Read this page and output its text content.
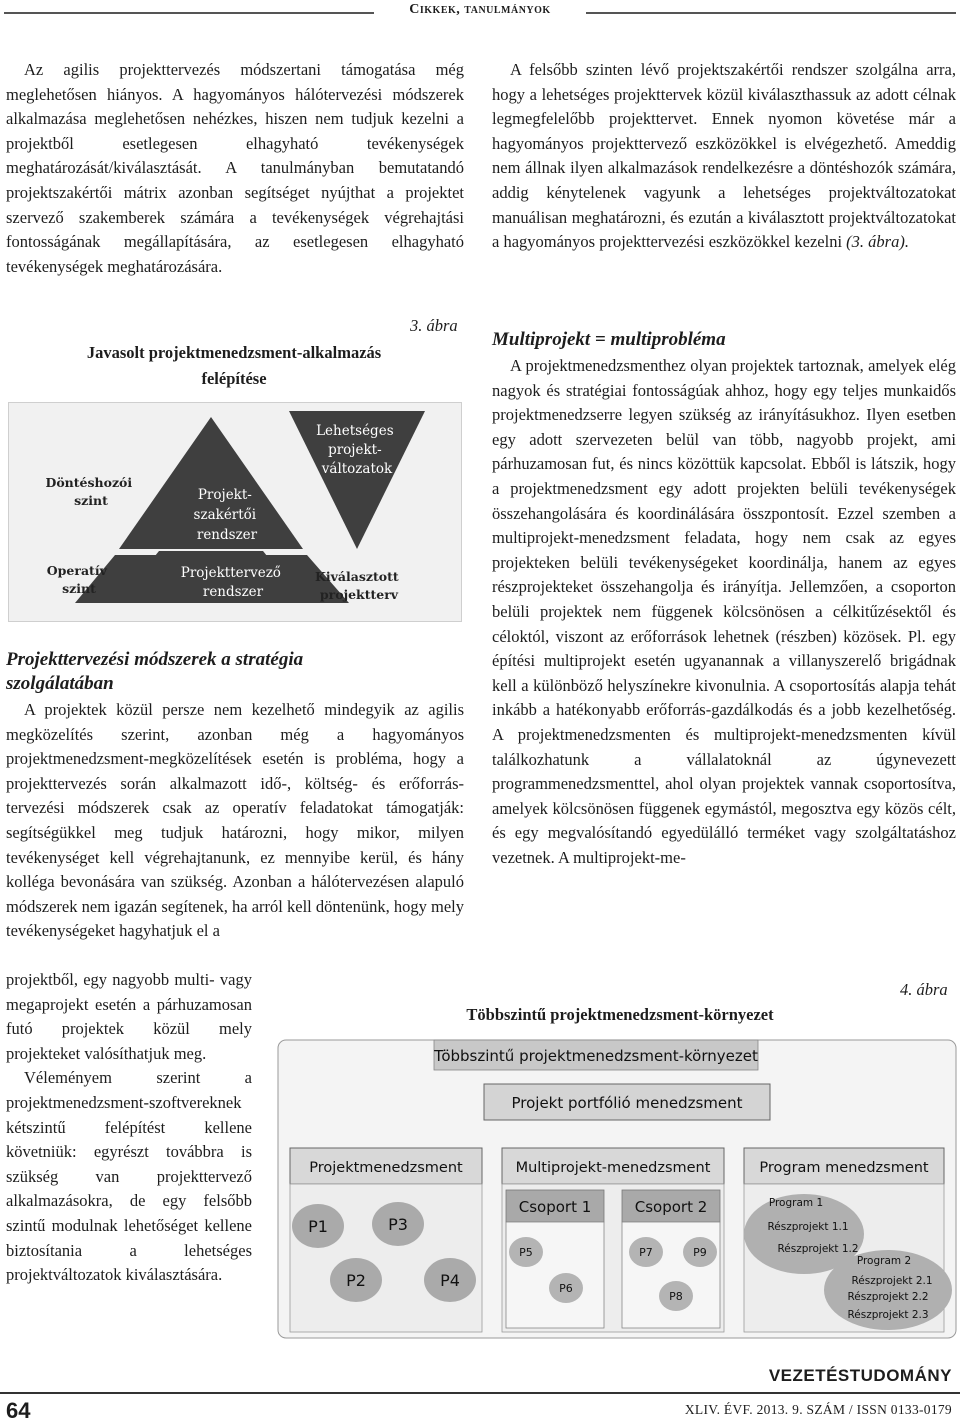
Cikkek, tanulmányok

Az agilis projekttervezés módszertani támogatása még meglehetősen hiányos. A hagyományos hálótervezési módszerek alkalmazása meglehetősen nehézkes, hiszen nem tudjuk kezelni a projektből esetlegesen elhagyható tevékenységek meghatározását/kiválasztását. A tanulmányban bemutatandó projektszakértői mátrix azonban segítséget nyújthat a projektet szervező szakemberek számára a tevékenységek végrehajtási fontosságának megállapítására, az esetlegesen elhagyható tevékenységek meghatározására.

3. ábra
Javasolt projektmenedzsment-alkalmazás felépítése
Döntéshozói szint
Operatív szint
Projekt- szakértői rendszer
Projekttervező rendszer
Lehetséges projekt- változatok
Kiválasztott projektterv
Projekttervezési módszerek a stratégia szolgálatában

A projektek közül persze nem kezelhető mindegyik az agilis megközelítés szerint, azonban még a hagyományos projektmenedzsment-megközelítések esetén is probléma, hogy a projekttervezés során alkalmazott idő-, költség- és erőforrás-tervezési módszerek csak az operatív feladatokat támogatják: segítségükkel meg tudjuk határozni, hogy mikor, milyen tevékenységet kell végrehajtanunk, ez mennyibe kerül, és hány kolléga bevonására van szükség. Azonban a hálótervezésen alapuló módszerek nem igazán segítenek, ha arról kell döntenünk, hogy mely tevékenységeket hagyhatjuk el a

projektből, egy nagyobb multi- vagy megaprojekt esetén a párhuzamosan futó projektek közül mely projekteket valósíthatjuk meg.

Véleményem szerint a projektmenedzsment-szoftvereknek kétszintű felépítést kellene követniük: egyrészt továbbra is szükség van projekttervező alkalmazásokra, de egy felsőbb szintű modulnak lehetőséget kellene biztosítania a lehetséges projektváltozatok kiválasztására.

A felsőbb szinten lévő projektszakértői rendszer szolgálna arra, hogy a lehetséges projekttervek közül kiválaszthassuk az adott célnak legmegfelelőbb projekttervet. Ennek nyomon követése már a hagyományos projekttervező eszközökkel is elvégezhető. Ameddig nem állnak ilyen alkalmazások rendelkezésre a döntéshozók számára, addig kénytelenek vagyunk a lehetséges projektváltozatokat manuálisan meghatározni, és ezután a kiválasztott projektváltozatokat a hagyományos projekttervezési eszközökkel kezelni (3. ábra).

Multiprojekt = multiprobléma

A projektmenedzsmenthez olyan projektek tartoznak, amelyek elég nagyok és stratégiai fontosságúak ahhoz, hogy egy teljes munkaidős projektmenedzserre legyen szükség az irányításukhoz. Ilyen esetben egy adott szervezeten belül van több, nagyobb projekt, ami párhuzamosan fut, és nincs közöttük kapcsolat. Ebből is látszik, hogy a projektmenedzsment egy adott projekten belüli tevékenységek összehangolására és koordinálására összpontosít. Ezzel szemben a multiprojekt-menedzsment feladata, hogy nem csak az egyes projekteken belüli tevékenységeket koordinálja, hanem az egyes részprojekteket összehangolja és irányítja. Jellemzően, a csoporton belüli projektek nem függenek kölcsönösen a célkitűzésektől és céloktól, viszont az erőforrások lehetnek (részben) közösek. Pl. egy építési multiprojekt esetén ugyanannak a villanyszerelő brigádnak kell a különböző helyszínekre kivonulnia. A csoportosítás alapja tehát inkább a hatékonyabb erőforrás-gazdálkodás és a jobb kezelhetőség. A projektmenedzsmenten és multiprojekt-menedzsmenten kívül találkozhatunk a vállalatoknál az úgynevezett programmenedzsmenttel, ahol olyan projektek vannak csoportosítva, amelyek kölcsönösen függenek egymástól, megosztva egy közös célt, és egy megvalósítandó egyedülálló terméket vagy szolgáltatáshoz vezetnek. A multiprojekt-me-

4. ábra
Többszintű projektmenedzsment-környezet
Többszintű projektmenedzsment-környezet
Projekt portfólió menedzsment
Projektmenedzsment	Multiprojekt-menedzsment	Program menedzsment
P1	P3
P2	P4
Csoport 1	Csoport 2
P5
P6
P7	P9
P8
Program 1
Részprojekt 1.1
Részprojekt 1.2
Program 2
Részprojekt 2.1
Részprojekt 2.2
Részprojekt 2.3
VEZETÉSTUDOMÁNY
64	XLIV. ÉVF. 2013. 9. SZÁM / ISSN 0133-0179
